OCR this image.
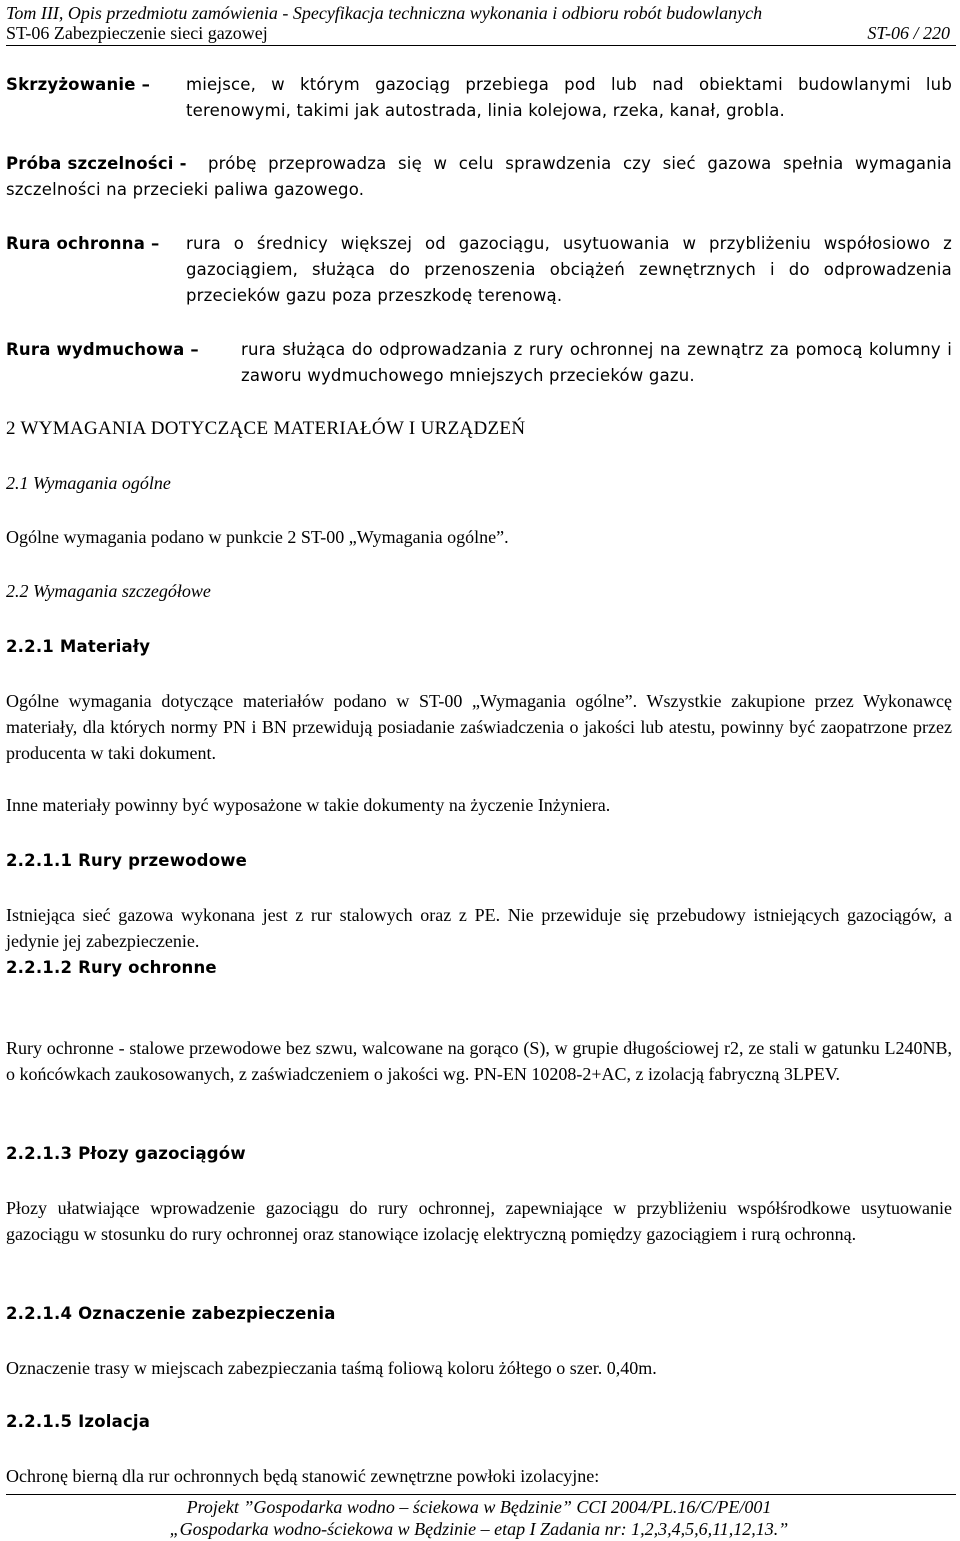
Tom III, Opis przedmiotu zamówienia - Specyfikacja techniczna wykonania i odbioru robót budowlanych
ST-06 Zabezpieczenie sieci gazowej	ST-06 / 220
Skrzyżowanie – miejsce, w którym gazociąg przebiega pod lub nad obiektami budowlanymi lub terenowymi, takimi jak autostrada, linia kolejowa, rzeka, kanał, grobla.
Próba szczelności -	próbę przeprowadza się w celu sprawdzenia czy sieć gazowa spełnia wymagania szczelności na przecieki paliwa gazowego.
Rura ochronna – rura o średnicy większej od gazociągu, usytuowania w przybliżeniu współosiowo z gazociągiem, służąca do przenoszenia obciążeń zewnętrznych i do odprowadzenia przecieków gazu poza przeszkodę terenową.
Rura wydmuchowa –	rura służąca do odprowadzania z rury ochronnej na zewnątrz za pomocą kolumny i zaworu wydmuchowego mniejszych przecieków gazu.
2 WYMAGANIA DOTYCZĄCE MATERIAŁÓW I URZĄDZEŃ
2.1 Wymagania ogólne
Ogólne wymagania podano w punkcie 2 ST-00 „Wymagania ogólne”.
2.2 Wymagania szczegółowe
2.2.1 Materiały
Ogólne wymagania dotyczące materiałów podano w ST-00 „Wymagania ogólne”. Wszystkie zakupione przez Wykonawcę materiały, dla których normy PN i BN przewidują posiadanie zaświadczenia o jakości lub atestu, powinny być zaopatrzone przez producenta w taki dokument.
Inne materiały powinny być wyposażone w takie dokumenty na życzenie Inżyniera.
2.2.1.1 Rury przewodowe
Istniejąca sieć gazowa wykonana jest z rur stalowych oraz z PE. Nie przewiduje się przebudowy istniejących gazociągów, a jedynie jej zabezpieczenie.
2.2.1.2 Rury ochronne
Rury ochronne - stalowe przewodowe bez szwu, walcowane na gorąco (S), w grupie długościowej r2, ze stali w gatunku L240NB, o końcówkach zaukosowanych, z zaświadczeniem o jakości wg. PN-EN 10208-2+AC, z izolacją fabryczną 3LPEV.
2.2.1.3 Płozy gazociągów
Płozy ułatwiające wprowadzenie gazociągu do rury ochronnej, zapewniające w przybliżeniu współśrodkowe usytuowanie gazociągu w stosunku do rury ochronnej oraz stanowiące izolację elektryczną pomiędzy gazociągiem i rurą ochronną.
2.2.1.4 Oznaczenie zabezpieczenia
Oznaczenie trasy w miejscach zabezpieczania taśmą foliową koloru żółtego o szer. 0,40m.
2.2.1.5 Izolacja
Ochronę bierną dla rur ochronnych będą stanowić zewnętrzne powłoki izolacyjne:
Projekt ”Gospodarka wodno – ściekowa w Będzinie” CCI 2004/PL.16/C/PE/001
„Gospodarka wodno-ściekowa w Będzinie – etap I Zadania nr: 1,2,3,4,5,6,11,12,13.”
